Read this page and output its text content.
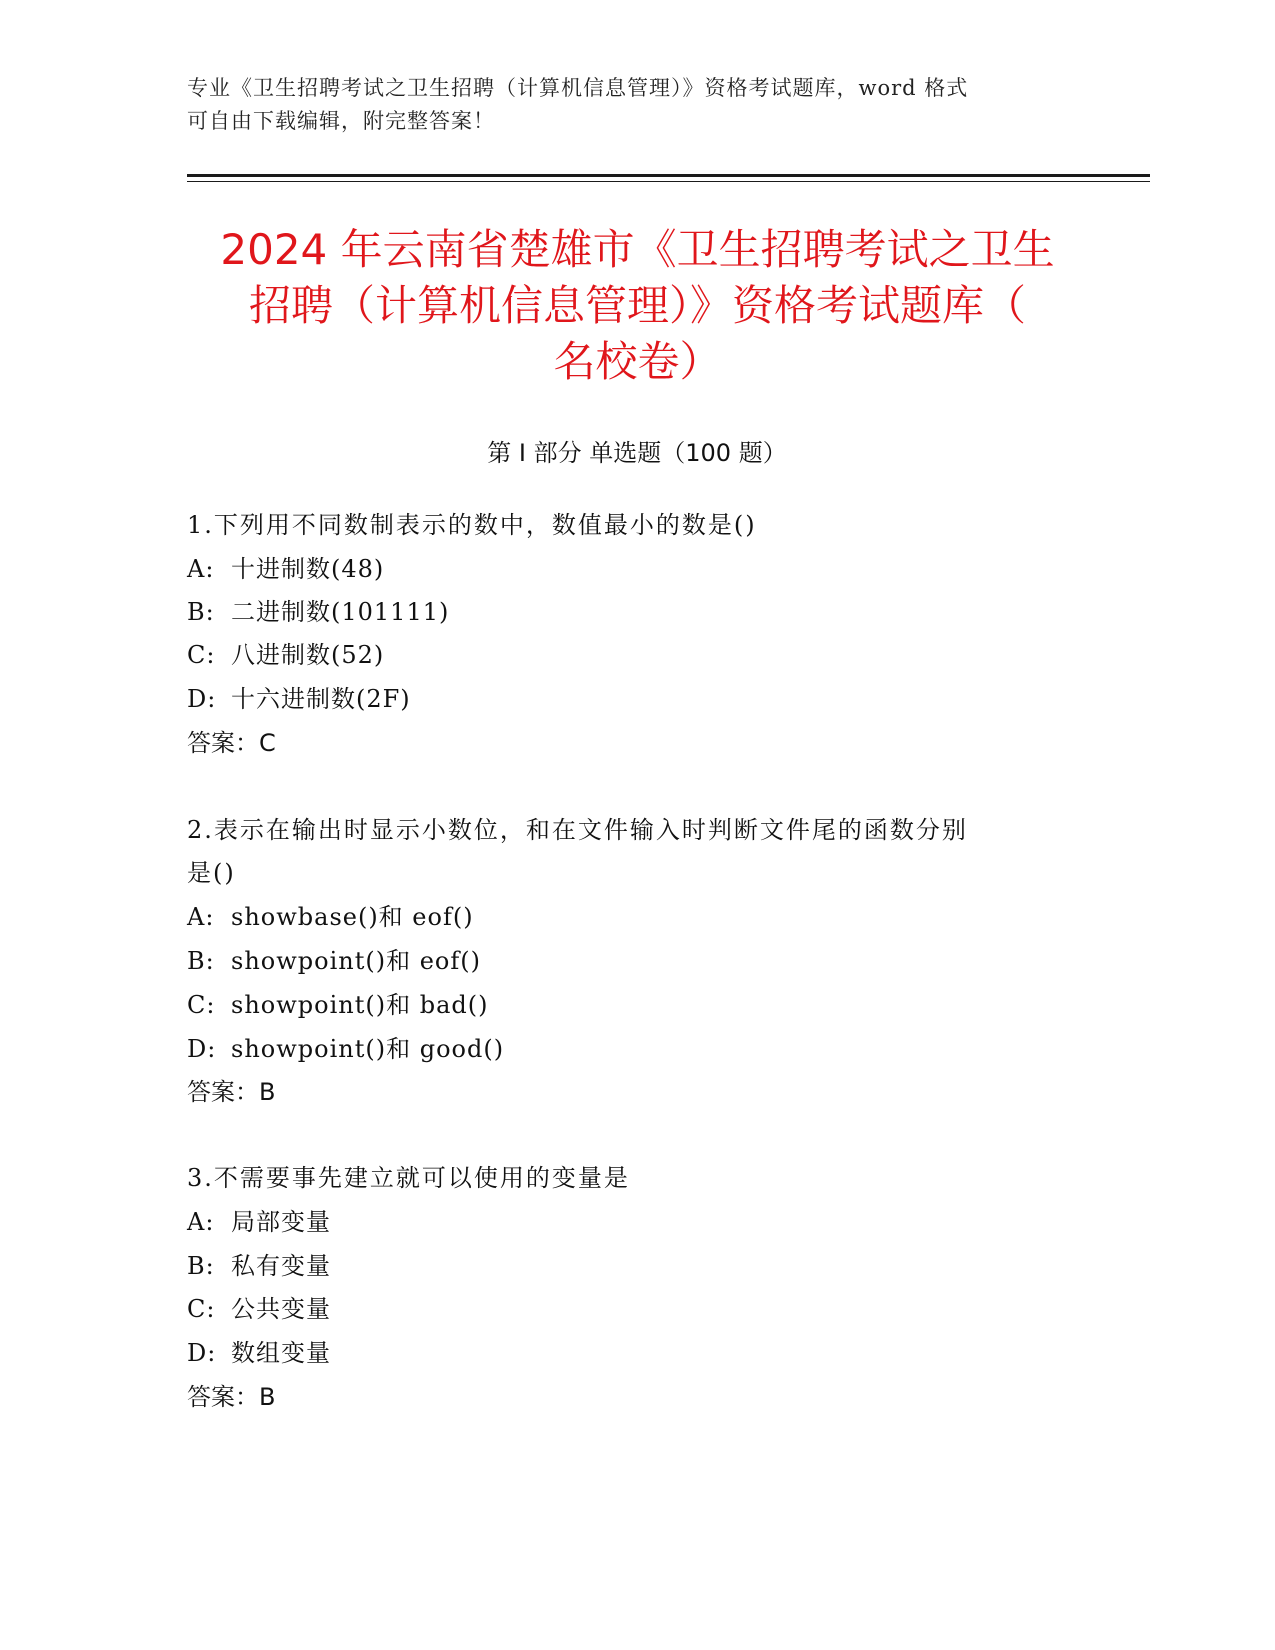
专业《卫生招聘考试之卫生招聘（计算机信息管理）》资格考试题库，word 格式
可自由下载编辑，附完整答案！
2024 年云南省楚雄市《卫生招聘考试之卫生
招聘（计算机信息管理）》资格考试题库（
名校卷）
第 I 部分 单选题（100 题）
1.下列用不同数制表示的数中，数值最小的数是()
A: 十进制数(48)
B: 二进制数(101111)
C: 八进制数(52)
D: 十六进制数(2F)
答案：C
2.表示在输出时显示小数位，和在文件输入时判断文件尾的函数分别
是()
A: showbase()和 eof()
B: showpoint()和 eof()
C: showpoint()和 bad()
D: showpoint()和 good()
答案：B
3.不需要事先建立就可以使用的变量是
A: 局部变量
B: 私有变量
C: 公共变量
D: 数组变量
答案：B
